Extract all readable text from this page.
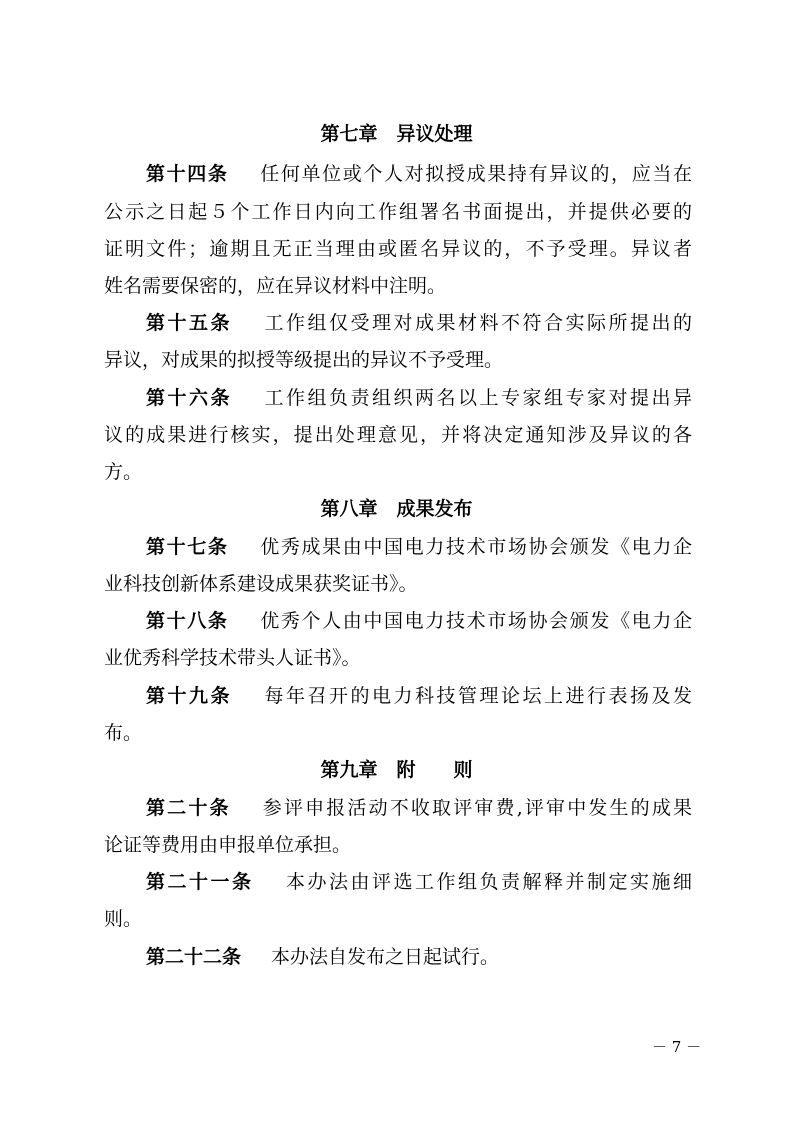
第七章　异议处理
第十四条 任何单位或个人对拟授成果持有异议的，应当在
公示之日起５个工作日内向工作组署名书面提出，并提供必要的
证明文件；逾期且无正当理由或匿名异议的，不予受理。异议者
姓名需要保密的，应在异议材料中注明。
第十五条 工作组仅受理对成果材料不符合实际所提出的
异议，对成果的拟授等级提出的异议不予受理。
第十六条 工作组负责组织两名以上专家组专家对提出异
议的成果进行核实，提出处理意见，并将决定通知涉及异议的各
方。
第八章　成果发布
第十七条 优秀成果由中国电力技术市场协会颁发《电力企
业科技创新体系建设成果获奖证书》。
第十八条 优秀个人由中国电力技术市场协会颁发《电力企
业优秀科学技术带头人证书》。
第十九条 每年召开的电力科技管理论坛上进行表扬及发
布。
第九章　附　　则
第二十条 参评申报活动不收取评审费,评审中发生的成果
论证等费用由申报单位承担。
第二十一条 本办法由评选工作组负责解释并制定实施细
则。
第二十二条 本办法自发布之日起试行。
－ 7 －
